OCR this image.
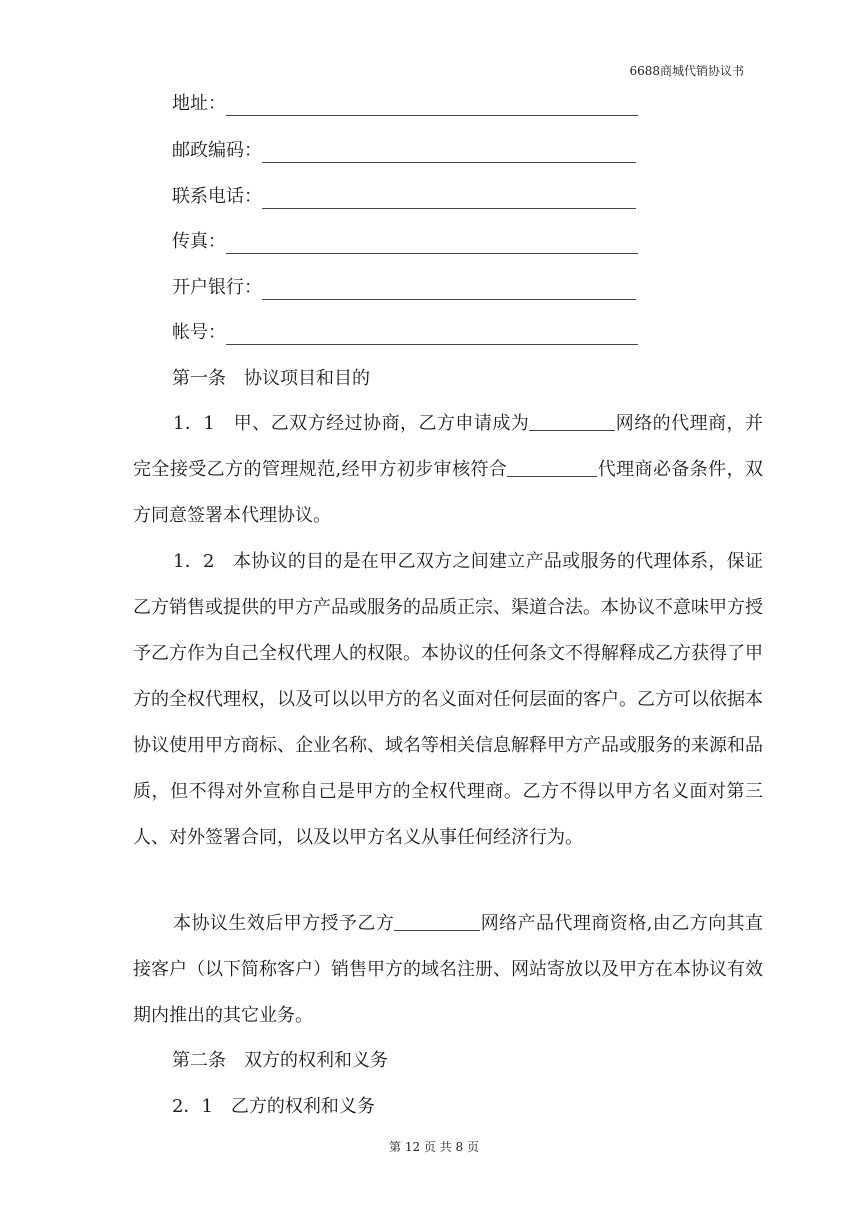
6688商城代销协议书
地址：
邮政编码：
联系电话：
传真：
开户银行：
帐号：

第一条　协议项目和目的

1．1　甲、乙双方经过协商，乙方申请成为	网络的代理商，并完全接受乙方的管理规范,经甲方初步审核符合	代理商必备条件，双方同意签署本代理协议。

1．2　本协议的目的是在甲乙双方之间建立产品或服务的代理体系，保证乙方销售或提供的甲方产品或服务的品质正宗、渠道合法。本协议不意味甲方授予乙方作为自己全权代理人的权限。本协议的任何条文不得解释成乙方获得了甲方的全权代理权，以及可以以甲方的名义面对任何层面的客户。乙方可以依据本协议使用甲方商标、企业名称、域名等相关信息解释甲方产品或服务的来源和品质，但不得对外宣称自己是甲方的全权代理商。乙方不得以甲方名义面对第三人、对外签署合同，以及以甲方名义从事任何经济行为。

本协议生效后甲方授予乙方	网络产品代理商资格,由乙方向其直接客户（以下简称客户）销售甲方的域名注册、网站寄放以及甲方在本协议有效期内推出的其它业务。

第二条　双方的权利和义务

2．1　乙方的权利和义务

第 12 页 共 8 页
